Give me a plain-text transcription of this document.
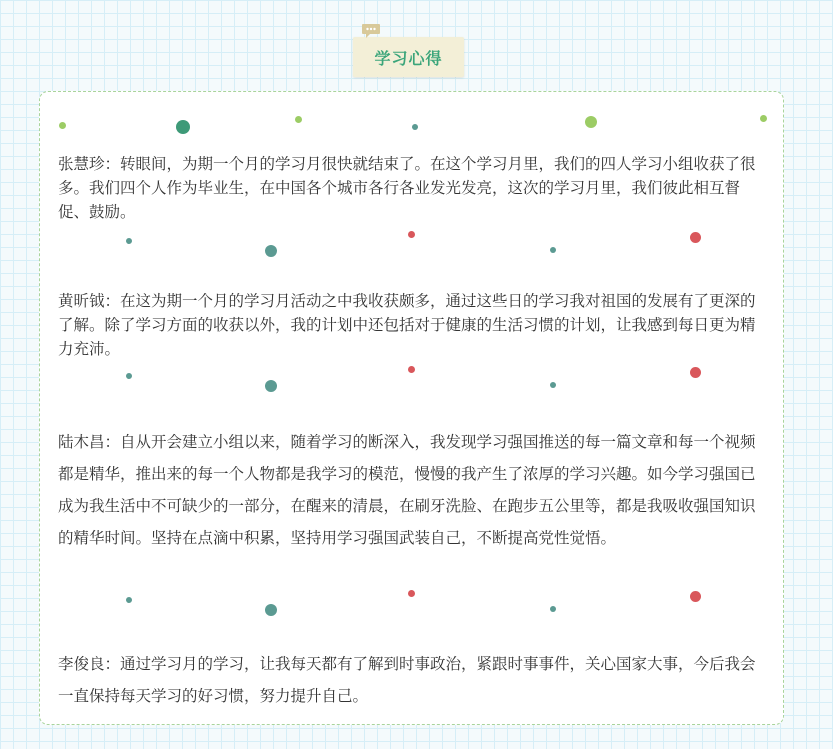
学习心得

张慧珍：转眼间，为期一个月的学习月很快就结束了。在这个学习月里，我们的四人学习小组收获了很多。我们四个人作为毕业生，在中国各个城市各行各业发光发亮，这次的学习月里，我们彼此相互督促、鼓励。

黄昕钺：在这为期一个月的学习月活动之中我收获颇多，通过这些日的学习我对祖国的发展有了更深的了解。除了学习方面的收获以外，我的计划中还包括对于健康的生活习惯的计划，让我感到每日更为精力充沛。

陆木昌：自从开会建立小组以来，随着学习的断深入，我发现学习强国推送的每一篇文章和每一个视频都是精华，推出来的每一个人物都是我学习的模范，慢慢的我产生了浓厚的学习兴趣。如今学习强国已成为我生活中不可缺少的一部分，在醒来的清晨，在刷牙洗脸、在跑步五公里等，都是我吸收强国知识的精华时间。坚持在点滴中积累，坚持用学习强国武装自己，不断提高党性觉悟。

李俊良：通过学习月的学习，让我每天都有了解到时事政治，紧跟时事事件，关心国家大事，今后我会一直保持每天学习的好习惯，努力提升自己。
